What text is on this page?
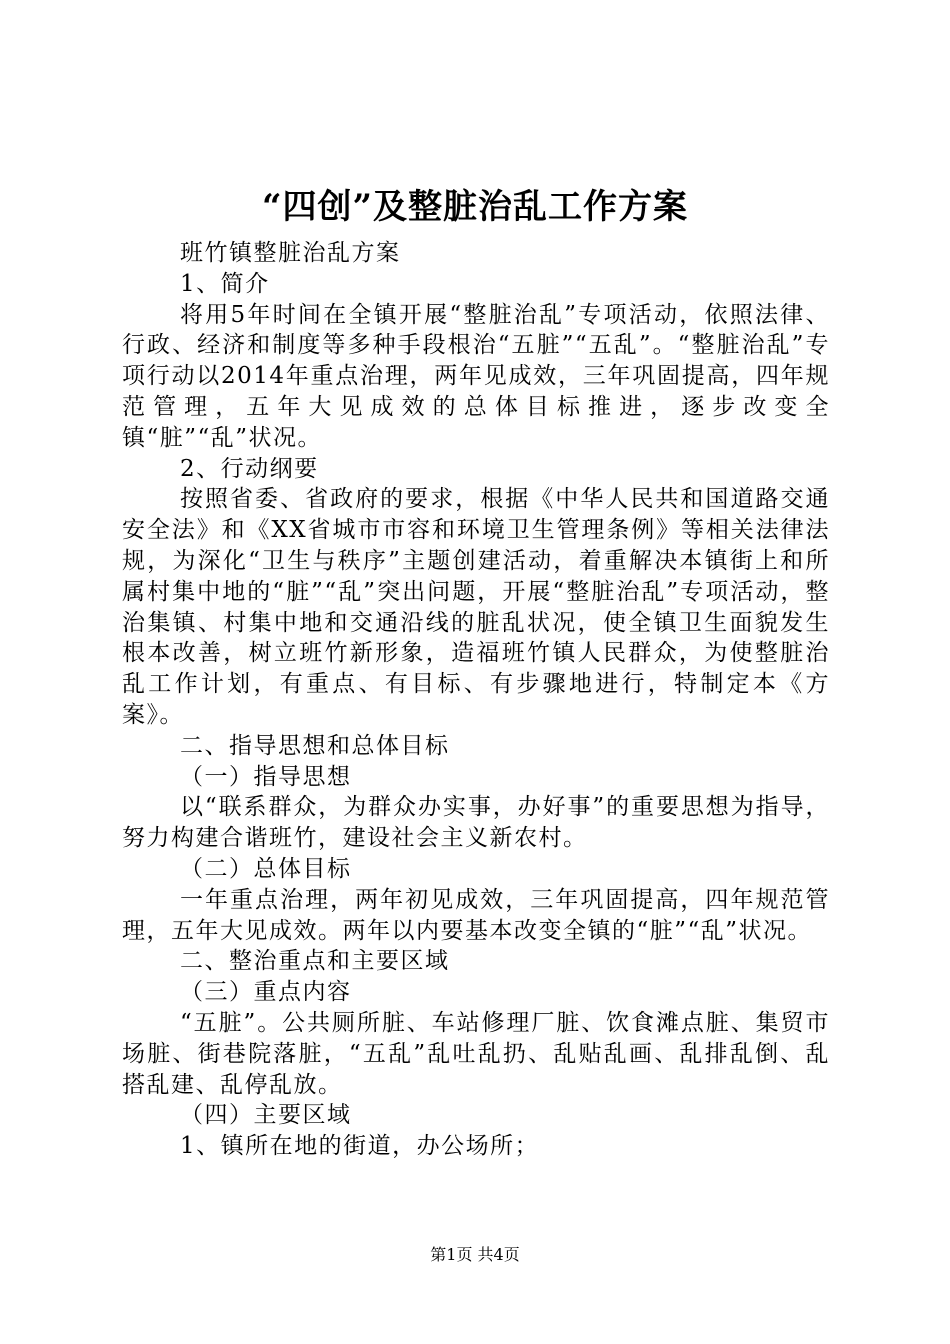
“四创”及整脏治乱工作方案

班竹镇整脏治乱方案

1、简介

将用5年时间在全镇开展“整脏治乱”专项活动，依照法律、行政、经济和制度等多种手段根治“五脏”“五乱”。“整脏治乱”专项行动以2014年重点治理，两年见成效，三年巩固提高，四年规范管理，五年大见成效的总体目标推进，逐步改变全镇“脏”“乱”状况。

2、行动纲要

按照省委、省政府的要求，根据《中华人民共和国道路交通安全法》和《XX省城市市容和环境卫生管理条例》等相关法律法规，为深化“卫生与秩序”主题创建活动，着重解决本镇街上和所属村集中地的“脏”“乱”突出问题，开展“整脏治乱”专项活动，整治集镇、村集中地和交通沿线的脏乱状况，使全镇卫生面貌发生根本改善，树立班竹新形象，造福班竹镇人民群众，为使整脏治乱工作计划，有重点、有目标、有步骤地进行，特制定本《方案》。

二、指导思想和总体目标

（一）指导思想

以“联系群众，为群众办实事，办好事”的重要思想为指导，努力构建合谐班竹，建设社会主义新农村。

（二）总体目标

一年重点治理，两年初见成效，三年巩固提高，四年规范管理，五年大见成效。两年以内要基本改变全镇的“脏”“乱”状况。

二、整治重点和主要区域

（三）重点内容

“五脏”。公共厕所脏、车站修理厂脏、饮食滩点脏、集贸市场脏、街巷院落脏，“五乱”乱吐乱扔、乱贴乱画、乱排乱倒、乱搭乱建、乱停乱放。

（四）主要区域

1、镇所在地的街道，办公场所；

第1页 共4页
